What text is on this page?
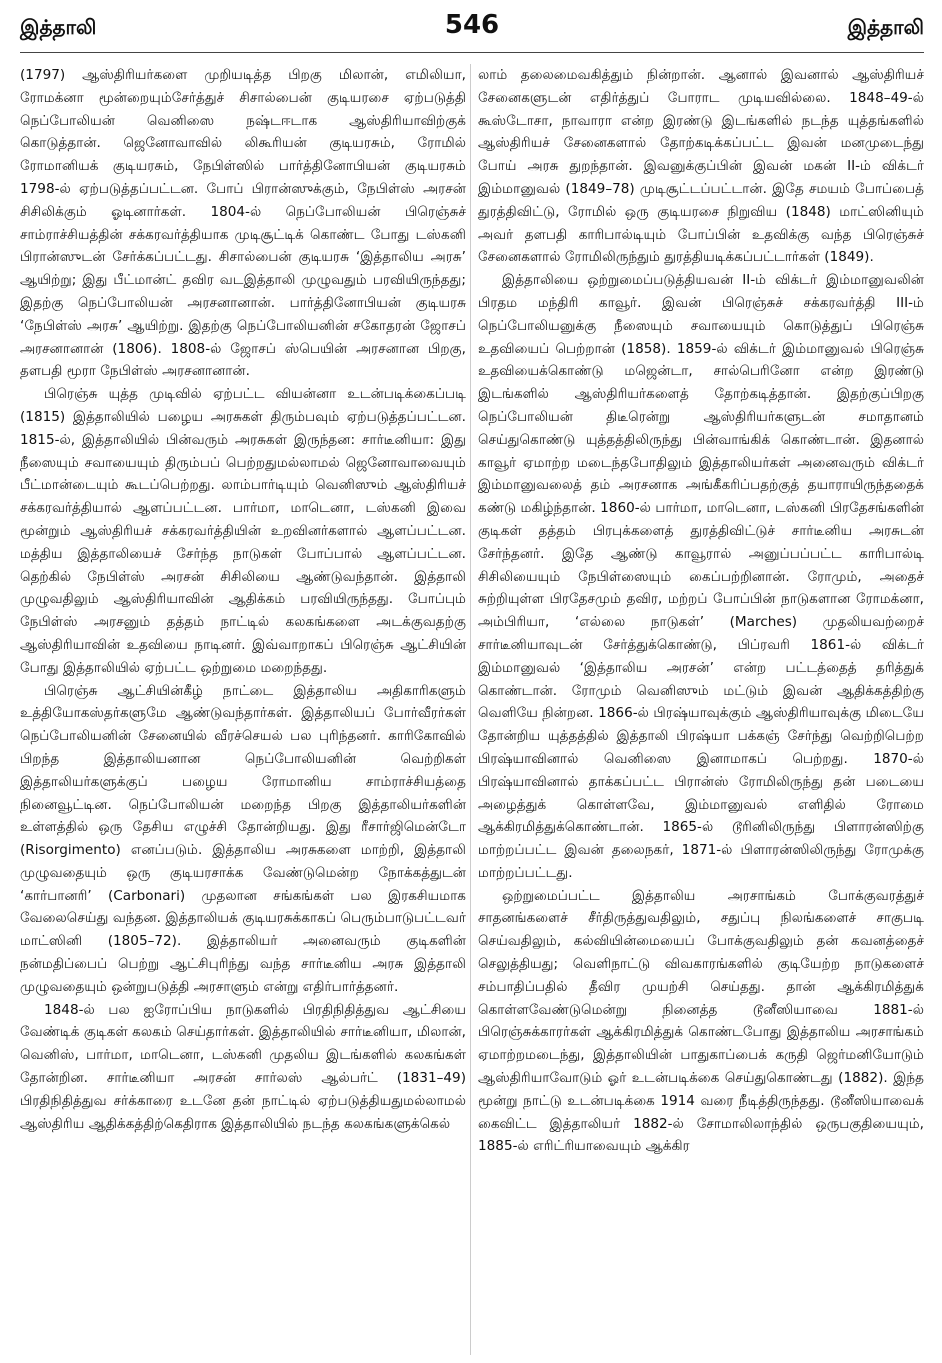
இத்தாலி	546	இத்தாலி

(1797) ஆஸ்திரியர்களை முறியடித்த பிறகு மிலான், எமிலியா, ரோமக்னா மூன்றையும்சேர்த்துச் சிசால்பைன் குடியரசை ஏற்படுத்தி நெப்போலியன் வெனிஸை நஷ்டஈடாக ஆஸ்திரியாவிற்குக் கொடுத்தான். ஜெனோவாவில் லிகூரியன் குடியரசும், ரோமில் ரோமானியக் குடியரசும், நேபிள்ஸில் பார்த்தினோபியன் குடியரசும் 1798-ல் ஏற்படுத்தப்பட்டன. போப் பிரான்ஸுக்கும், நேபிள்ஸ் அரசன் சிசிலிக்கும் ஓடினார்கள். 1804-ல் நெப்போலியன் பிரெஞ்சுச் சாம்ராச்சியத்தின் சக்கரவர்த்தியாக முடிசூட்டிக் கொண்ட போது டஸ்கனி பிரான்ஸுடன் சேர்க்கப்பட்டது. சிசால்பைன் குடியரசு ‘இத்தாலிய அரசு’ ஆயிற்று; இது பீட்மான்ட் தவிர வடஇத்தாலி முழுவதும் பரவியிருந்தது; இதற்கு நெப்போலியன் அரசனானான். பார்த்தினோபியன் குடியரசு ‘நேபிள்ஸ் அரசு’ ஆயிற்று. இதற்கு நெப்போலியனின் சகோதரன் ஜோசப் அரசனானான் (1806). 1808-ல் ஜோசப் ஸ்பெயின் அரசனான பிறகு, தளபதி மூரா நேபிள்ஸ் அரசனானான்.

பிரெஞ்சு யுத்த முடிவில் ஏற்பட்ட வியன்னா உடன்படிக்கைப்படி (1815) இத்தாலியில் பழைய அரசுகள் திரும்பவும் ஏற்படுத்தப்பட்டன. 1815-ல், இத்தாலியில் பின்வரும் அரசுகள் இருந்தன: சார்டீனியா: இது நீஸையும் சவாயையும் திரும்பப் பெற்றதுமல்லாமல் ஜெனோவாவையும் பீட்மான்டையும் கூடப்பெற்றது. லாம்பார்டியும் வெனிஸும் ஆஸ்திரியச் சக்கரவர்த்தியால் ஆளப்பட்டன. பார்மா, மாடெனா, டஸ்கனி இவை மூன்றும் ஆஸ்திரியச் சக்கரவர்த்தியின் உறவினர்களால் ஆளப்பட்டன. மத்திய இத்தாலியைச் சேர்ந்த நாடுகள் போப்பால் ஆளப்பட்டன. தெற்கில் நேபிள்ஸ் அரசன் சிசிலியை ஆண்டுவந்தான். இத்தாலி முழுவதிலும் ஆஸ்திரியாவின் ஆதிக்கம் பரவியிருந்தது. போப்பும் நேபிள்ஸ் அரசனும் தத்தம் நாட்டில் கலகங்களை அடக்குவதற்கு ஆஸ்திரியாவின் உதவியை நாடினர். இவ்வாறாகப் பிரெஞ்சு ஆட்சியின் போது இத்தாலியில் ஏற்பட்ட ஒற்றுமை மறைந்தது.

பிரெஞ்சு ஆட்சியின்கீழ் நாட்டை இத்தாலிய அதிகாரிகளும் உத்தியோகஸ்தர்களுமே ஆண்டுவந்தார்கள். இத்தாலியப் போர்வீரர்கள் நெப்போலியனின் சேனையில் வீரச்செயல் பல புரிந்தனர். காரிகோவில் பிறந்த இத்தாலியனான நெப்போலியனின் வெற்றிகள் இத்தாலியர்களுக்குப் பழைய ரோமானிய சாம்ராச்சியத்தை நினைவூட்டின. நெப்போலியன் மறைந்த பிறகு இத்தாலியர்களின் உள்ளத்தில் ஒரு தேசிய எழுச்சி தோன்றியது. இது ரீசார்ஜிமென்டோ (Risorgimento) எனப்படும். இத்தாலிய அரசுகளை மாற்றி, இத்தாலி முழுவதையும் ஒரு குடியரசாக்க வேண்டுமென்ற நோக்கத்துடன் ‘கார்பானரி’ (Carbonari) முதலான சங்கங்கள் பல இரகசியமாக வேலைசெய்து வந்தன. இத்தாலியக் குடியரசுக்காகப் பெரும்பாடுபட்டவர் மாட்ஸினி (1805–72). இத்தாலியர் அனைவரும் குடிகளின் நன்மதிப்பைப் பெற்று ஆட்சிபுரிந்து வந்த சார்டீனிய அரசு இத்தாலி முழுவதையும் ஒன்றுபடுத்தி அரசாளும் என்று எதிர்பார்த்தனர்.

1848-ல் பல ஐரோப்பிய நாடுகளில் பிரதிநிதித்துவ ஆட்சியை வேண்டிக் குடிகள் கலகம் செய்தார்கள். இத்தாலியில் சார்டீனியா, மிலான், வெனிஸ், பார்மா, மாடெனா, டஸ்கனி முதலிய இடங்களில் கலகங்கள் தோன்றின. சார்டீனியா அரசன் சார்லஸ் ஆல்பர்ட் (1831–49) பிரதிநிதித்துவ சர்க்காரை உடனே தன் நாட்டில் ஏற்படுத்தியதுமல்லாமல் ஆஸ்திரிய ஆதிக்கத்திற்கெதிராக இத்தாலியில் நடந்த கலகங்களுக்கெல்

லாம் தலைமைவகித்தும் நின்றான். ஆனால் இவனால் ஆஸ்திரியச் சேனைகளுடன் எதிர்த்துப் போராட முடியவில்லை. 1848–49-ல் கூஸ்டோசா, நாவாரா என்ற இரண்டு இடங்களில் நடந்த யுத்தங்களில் ஆஸ்திரியச் சேனைகளால் தோற்கடிக்கப்பட்ட இவன் மனமுடைந்து போய் அரசு துறந்தான். இவனுக்குப்பின் இவன் மகன் II-ம் விக்டர் இம்மானுவல் (1849–78) முடிசூட்டப்பட்டான். இதே சமயம் போப்பைத் துரத்திவிட்டு, ரோமில் ஒரு குடியரசை நிறுவிய (1848) மாட்ஸினியும் அவர் தளபதி காரிபால்டியும் போப்பின் உதவிக்கு வந்த பிரெஞ்சுச் சேனைகளால் ரோமிலிருந்தும் துரத்தியடிக்கப்பட்டார்கள் (1849).

இத்தாலியை ஒற்றுமைப்படுத்தியவன் II-ம் விக்டர் இம்மானுவலின் பிரதம மந்திரி காவூர். இவன் பிரெஞ்சுச் சக்கரவர்த்தி III-ம் நெப்போலியனுக்கு நீஸையும் சவாயையும் கொடுத்துப் பிரெஞ்சு உதவியைப் பெற்றான் (1858). 1859-ல் விக்டர் இம்மானுவல் பிரெஞ்சு உதவியைக்கொண்டு மஜென்டா, சால்பெரினோ என்ற இரண்டு இடங்களில் ஆஸ்திரியர்களைத் தோற்கடித்தான். இதற்குப்பிறகு நெப்போலியன் திடீரென்று ஆஸ்திரியர்களுடன் சமாதானம் செய்துகொண்டு யுத்தத்திலிருந்து பின்வாங்கிக் கொண்டான். இதனால் காவூர் ஏமாற்ற மடைந்தபோதிலும் இத்தாலியர்கள் அனைவரும் விக்டர் இம்மானுவலைத் தம் அரசனாக அங்கீகரிப்பதற்குத் தயாராயிருந்ததைக் கண்டு மகிழ்ந்தான். 1860-ல் பார்மா, மாடெனா, டஸ்கனி பிரதேசங்களின் குடிகள் தத்தம் பிரபுக்களைத் துரத்திவிட்டுச் சார்டீனிய அரசுடன் சேர்ந்தனர். இதே ஆண்டு காவூரால் அனுப்பப்பட்ட காரிபால்டி சிசிலியையும் நேபிள்ஸையும் கைப்பற்றினான். ரோமும், அதைச் சுற்றியுள்ள பிரதேசமும் தவிர, மற்றப் போப்பின் நாடுகளான ரோமக்னா, அம்பிரியா, ‘எல்லை நாடுகள்’ (Marches) முதலியவற்றைச் சார்டீனியாவுடன் சேர்த்துக்கொண்டு, பிப்ரவரி 1861-ல் விக்டர் இம்மானுவல் ‘இத்தாலிய அரசன்’ என்ற பட்டத்தைத் தரித்துக் கொண்டான். ரோமும் வெனிஸும் மட்டும் இவன் ஆதிக்கத்திற்கு வெளியே நின்றன. 1866-ல் பிரஷ்யாவுக்கும் ஆஸ்திரியாவுக்கு மிடையே தோன்றிய யுத்தத்தில் இத்தாலி பிரஷ்யா பக்கஞ் சேர்ந்து வெற்றிபெற்ற பிரஷ்யாவினால் வெனிஸை இனாமாகப் பெற்றது. 1870-ல் பிரஷ்யாவினால் தாக்கப்பட்ட பிரான்ஸ் ரோமிலிருந்து தன் படையை அழைத்துக் கொள்ளவே, இம்மானுவல் எளிதில் ரோமை ஆக்கிரமித்துக்கொண்டான். 1865-ல் டூரினிலிருந்து பிளாரன்ஸிற்கு மாற்றப்பட்ட இவன் தலைநகர், 1871-ல் பிளாரன்ஸிலிருந்து ரோமுக்கு மாற்றப்பட்டது.

ஒற்றுமைப்பட்ட இத்தாலிய அரசாங்கம் போக்குவரத்துச் சாதனங்களைச் சீர்திருத்துவதிலும், சதுப்பு நிலங்களைச் சாகுபடி செய்வதிலும், கல்வியின்மையைப் போக்குவதிலும் தன் கவனத்தைச் செலுத்தியது; வெளிநாட்டு விவகாரங்களில் குடியேற்ற நாடுகளைச் சம்பாதிப்பதில் தீவிர முயற்சி செய்தது. தான் ஆக்கிரமித்துக் கொள்ளவேண்டுமென்று நினைத்த டூனீஸியாவை 1881-ல் பிரெஞ்சுக்காரர்கள் ஆக்கிரமித்துக் கொண்டபோது இத்தாலிய அரசாங்கம் ஏமாற்றமடைந்து, இத்தாலியின் பாதுகாப்பைக் கருதி ஜெர்மனியோடும் ஆஸ்திரியாவோடும் ஓர் உடன்படிக்கை செய்துகொண்டது (1882). இந்த மூன்று நாட்டு உடன்படிக்கை 1914 வரை நீடித்திருந்தது. டூனீஸியாவைக் கைவிட்ட இத்தாலியர் 1882-ல் சோமாலிலாந்தில் ஒருபகுதியையும், 1885-ல் எரிட்ரியாவையும் ஆக்கிர
